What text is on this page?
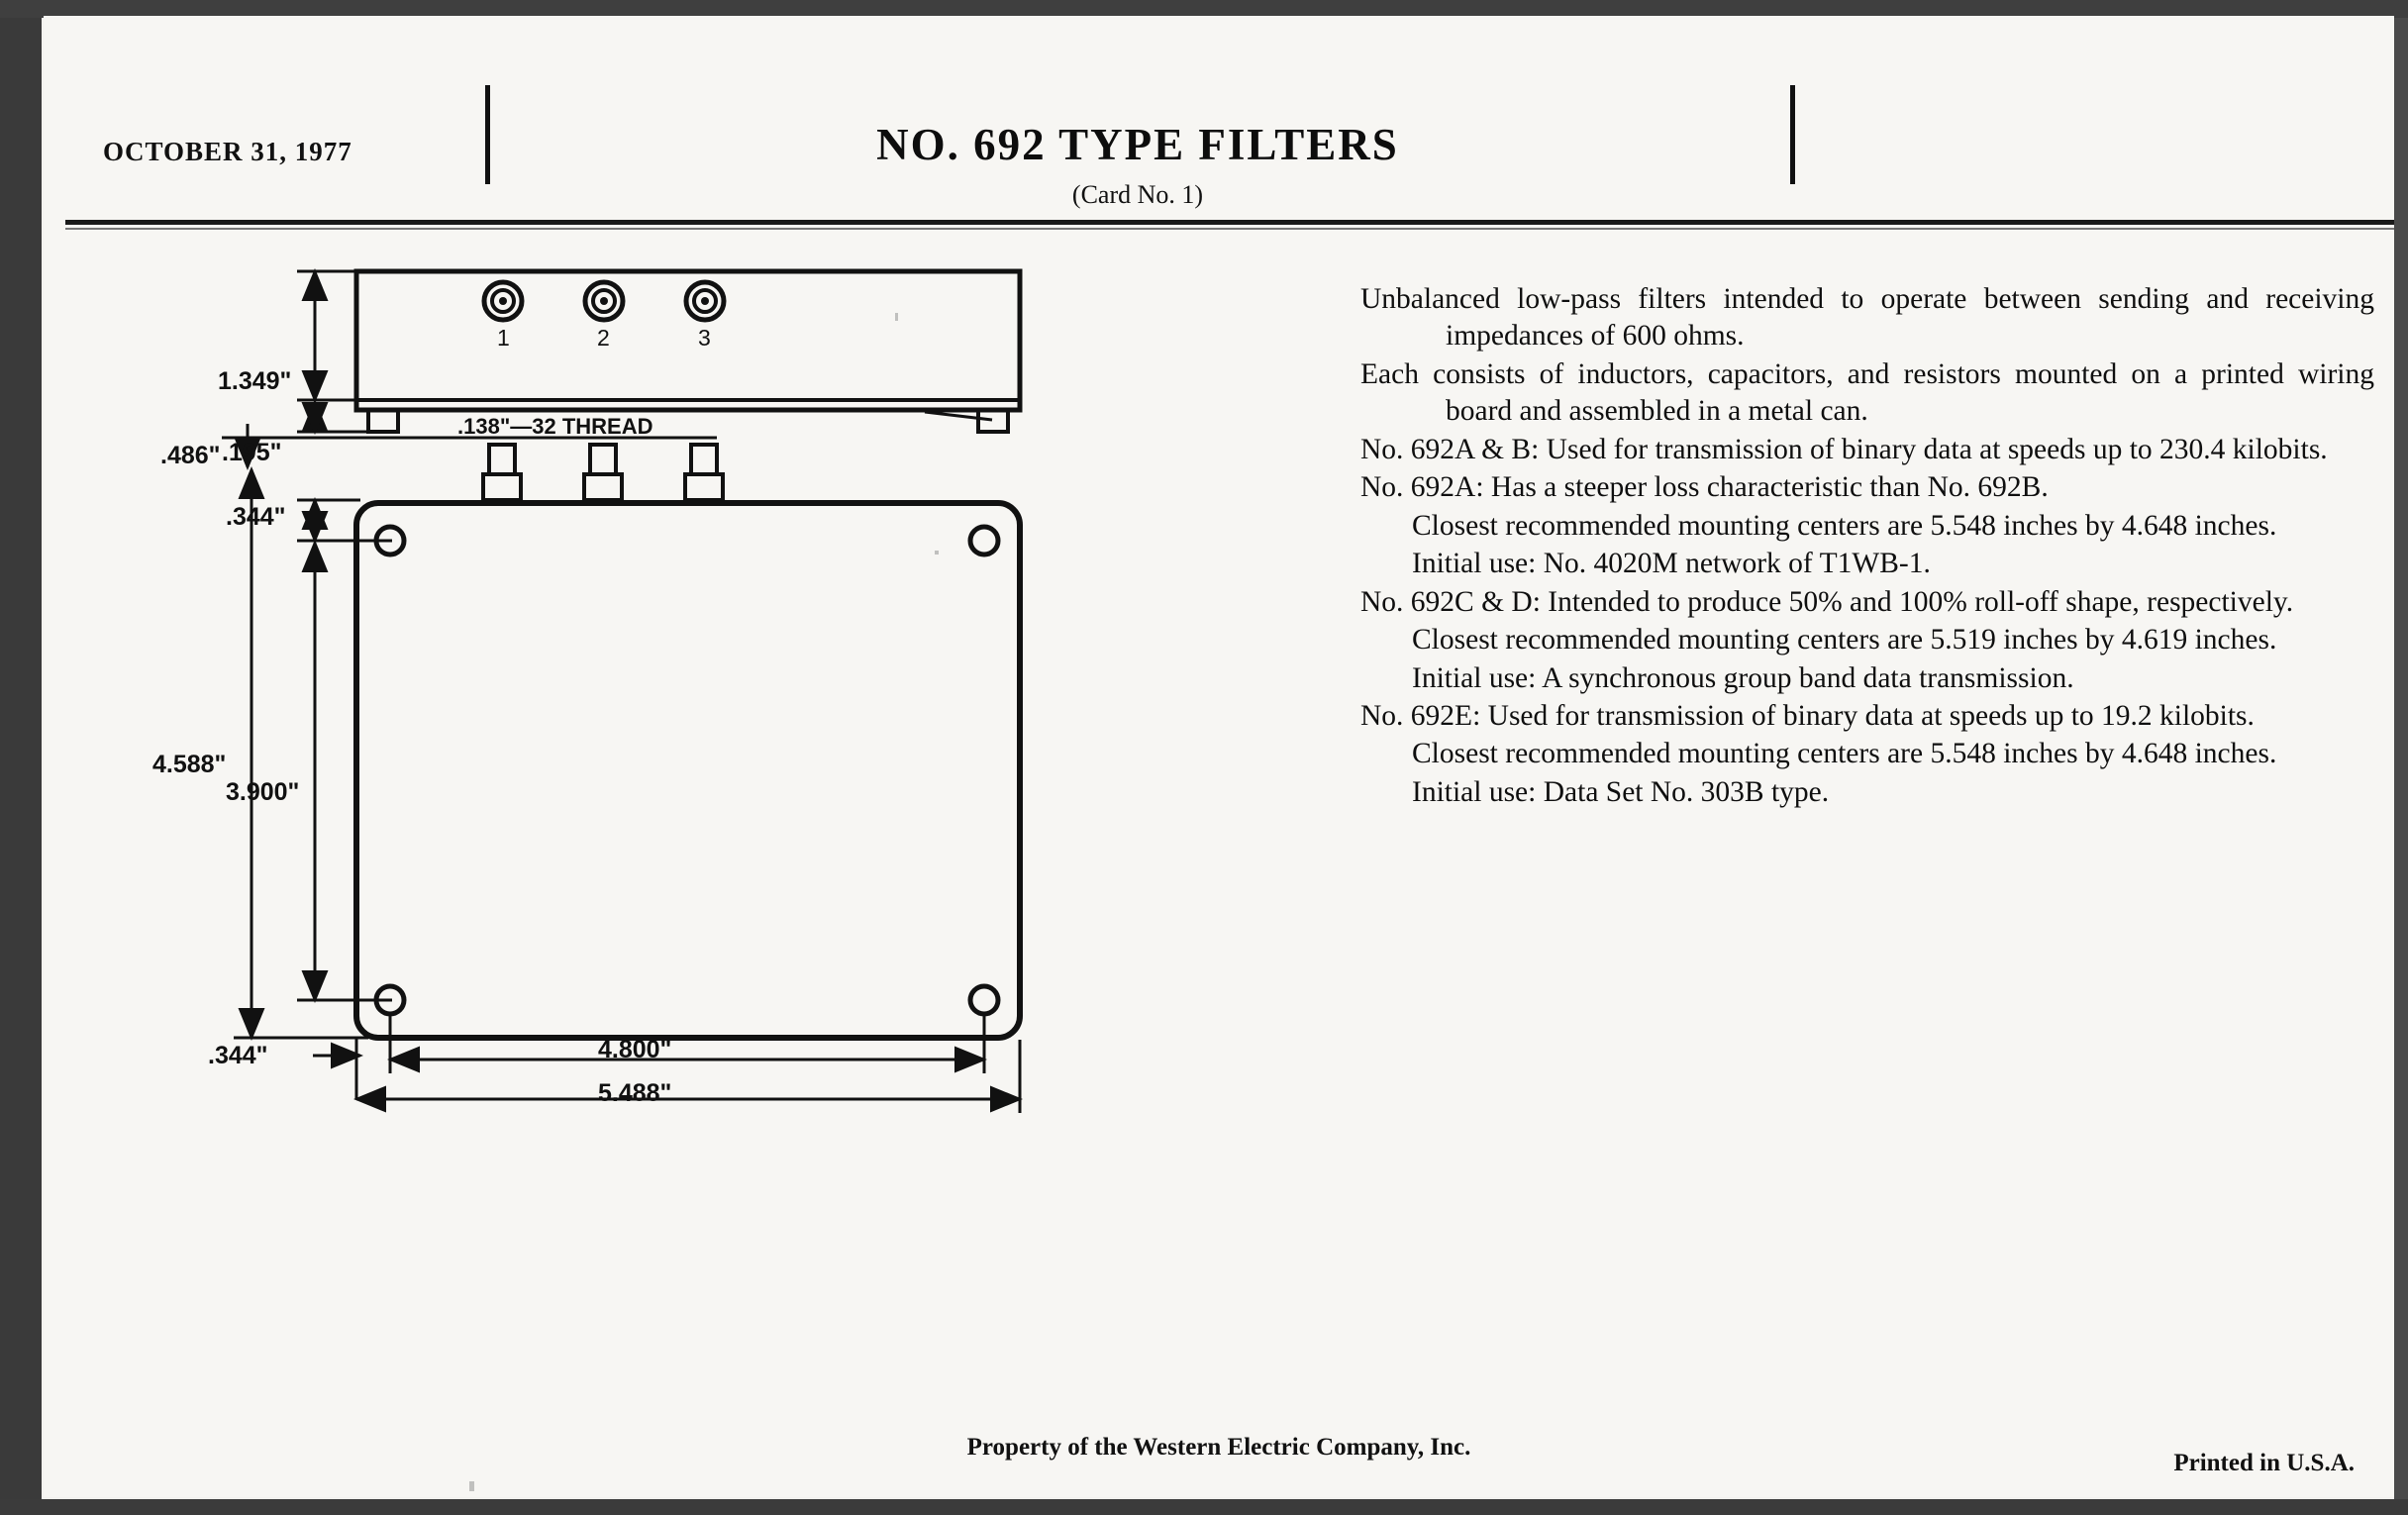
OCTOBER 31, 1977	NO. 692 TYPE FILTERS
(Card No. 1)
1.349"
.195"
.138"—32 THREAD
1	2	3
.486"
.344"
4.588"
3.900"
.344"	4.800"
5.488"

Unbalanced low-pass filters intended to operate between sending and receiving impedances of 600 ohms.

Each consists of inductors, capacitors, and resistors mounted on a printed wiring board and assembled in a metal can.

No. 692A & B: Used for transmission of binary data at speeds up to 230.4 kilobits.

No. 692A: Has a steeper loss characteristic than No. 692B.

Closest recommended mounting centers are 5.548 inches by 4.648 inches.

Initial use: No. 4020M network of T1WB-1.

No. 692C & D: Intended to produce 50% and 100% roll-off shape, respectively.

Closest recommended mounting centers are 5.519 inches by 4.619 inches.

Initial use: A synchronous group band data transmission.

No. 692E: Used for transmission of binary data at speeds up to 19.2 kilobits.

Closest recommended mounting centers are 5.548 inches by 4.648 inches.

Initial use: Data Set No. 303B type.

Property of the Western Electric Company, Inc.
Printed in U.S.A.
